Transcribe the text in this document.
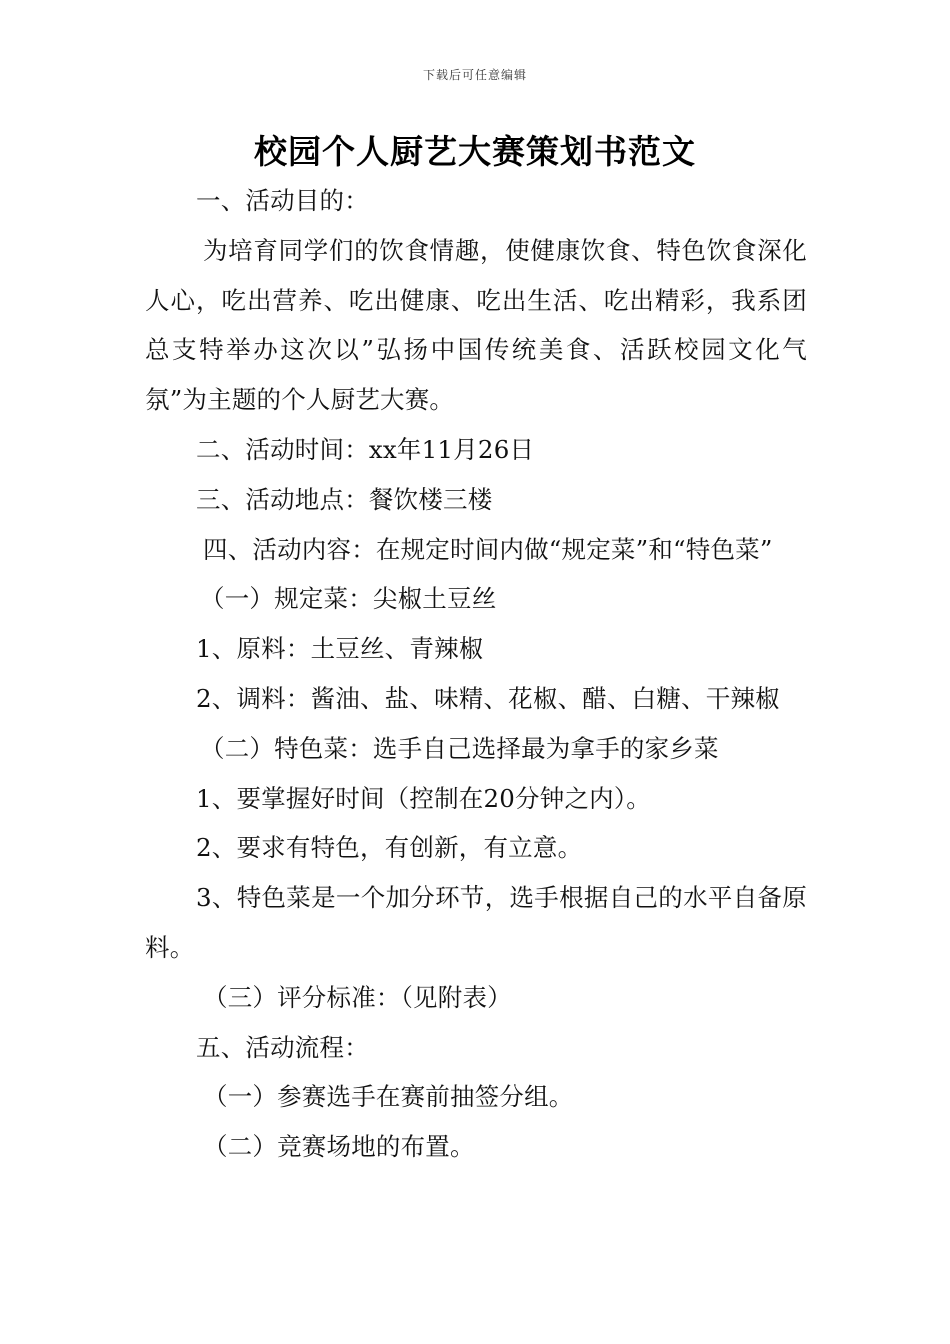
下载后可任意编辑
校园个人厨艺大赛策划书范文

一、活动目的：

为培育同学们的饮食情趣，使健康饮食、特色饮食深化人心，吃出营养、吃出健康、吃出生活、吃出精彩，我系团总支特举办这次以”弘扬中国传统美食、活跃校园文化气氛”为主题的个人厨艺大赛。

二、活动时间：xx年11月26日

三、活动地点：餐饮楼三楼

四、活动内容：在规定时间内做“规定菜”和“特色菜”

（一）规定菜：尖椒土豆丝

1、原料：土豆丝、青辣椒

2、调料：酱油、盐、味精、花椒、醋、白糖、干辣椒

（二）特色菜：选手自己选择最为拿手的家乡菜

1、要掌握好时间（控制在20分钟之内）。

2、要求有特色，有创新，有立意。

3、特色菜是一个加分环节，选手根据自己的水平自备原料。

（三）评分标准：（见附表）

五、活动流程：

（一）参赛选手在赛前抽签分组。

（二）竞赛场地的布置。
